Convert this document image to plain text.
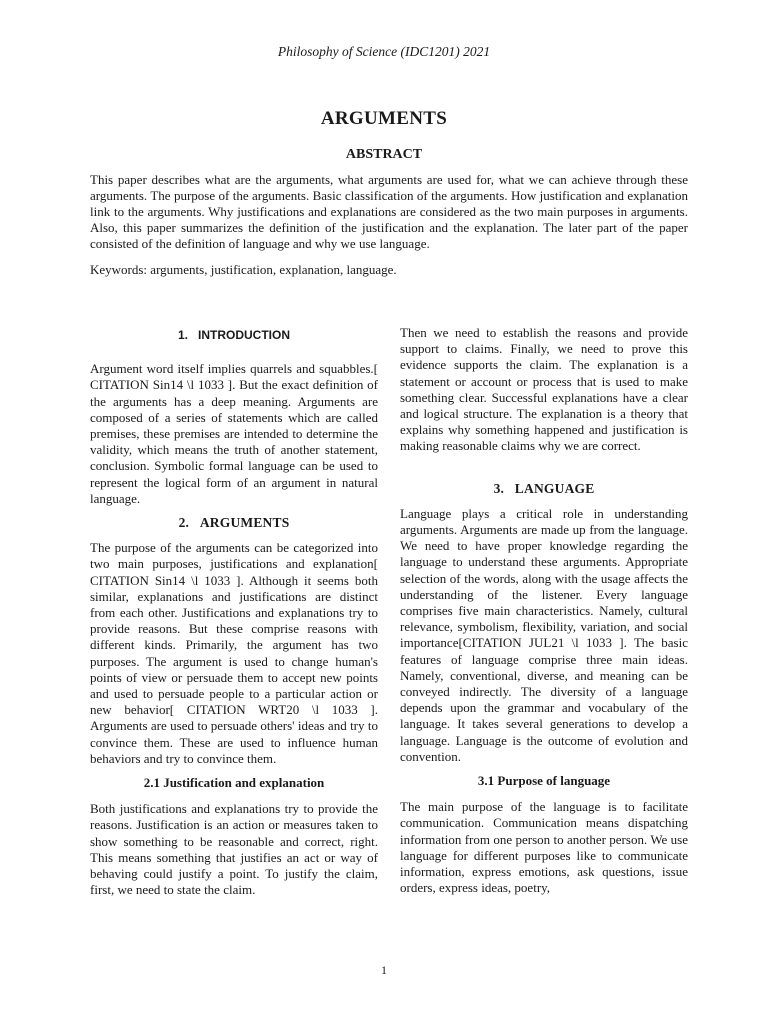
Philosophy of Science (IDC1201) 2021
ARGUMENTS
ABSTRACT
This paper describes what are the arguments, what arguments are used for, what we can achieve through these arguments. The purpose of the arguments. Basic classification of the arguments. How justification and explanation link to the arguments. Why justifications and explanations are considered as the two main purposes in arguments. Also, this paper summarizes the definition of the justification and the explanation. The later part of the paper consisted of the definition of language and why we use language.
Keywords: arguments, justification, explanation, language.
1.   INTRODUCTION

Argument word itself implies quarrels and squabbles.[ CITATION Sin14 \l 1033 ]. But the exact definition of the arguments has a deep meaning. Arguments are composed of a series of statements which are called premises, these premises are intended to determine the validity, which means the truth of another statement, conclusion. Symbolic formal language can be used to represent the logical form of an argument in natural language.

2.   ARGUMENTS

The purpose of the arguments can be categorized into two main purposes, justifications and explanation[ CITATION Sin14 \l 1033 ]. Although it seems both similar, explanations and justifications are distinct from each other. Justifications and explanations try to provide reasons. But these comprise reasons with different kinds. Primarily, the argument has two purposes. The argument is used to change human's points of view or persuade them to accept new points and used to persuade people to a particular action or new behavior[ CITATION WRT20 \l 1033 ]. Arguments are used to persuade others' ideas and try to convince them. These are used to influence human behaviors and try to convince them.

2.1 Justification and explanation

Both justifications and explanations try to provide the reasons. Justification is an action or measures taken to show something to be reasonable and correct, right. This means something that justifies an act or way of behaving could justify a point. To justify the claim, first, we need to state the claim.

Then we need to establish the reasons and provide support to claims. Finally, we need to prove this evidence supports the claim. The explanation is a statement or account or process that is used to make something clear. Successful explanations have a clear and logical structure. The explanation is a theory that explains why something happened and justification is making reasonable claims why we are correct.

3.   LANGUAGE

Language plays a critical role in understanding arguments. Arguments are made up from the language. We need to have proper knowledge regarding the language to understand these arguments. Appropriate selection of the words, along with the usage affects the understanding of the listener. Every language comprises five main characteristics. Namely, cultural relevance, symbolism, flexibility, variation, and social importance[CITATION JUL21 \l 1033 ]. The basic features of language comprise three main ideas. Namely, conventional, diverse, and meaning can be conveyed indirectly. The diversity of a language depends upon the grammar and vocabulary of the language. It takes several generations to develop a language. Language is the outcome of evolution and convention.

3.1 Purpose of language

The main purpose of the language is to facilitate communication. Communication means dispatching information from one person to another person. We use language for different purposes like to communicate information, express emotions, ask questions, issue orders, express ideas, poetry,

1
